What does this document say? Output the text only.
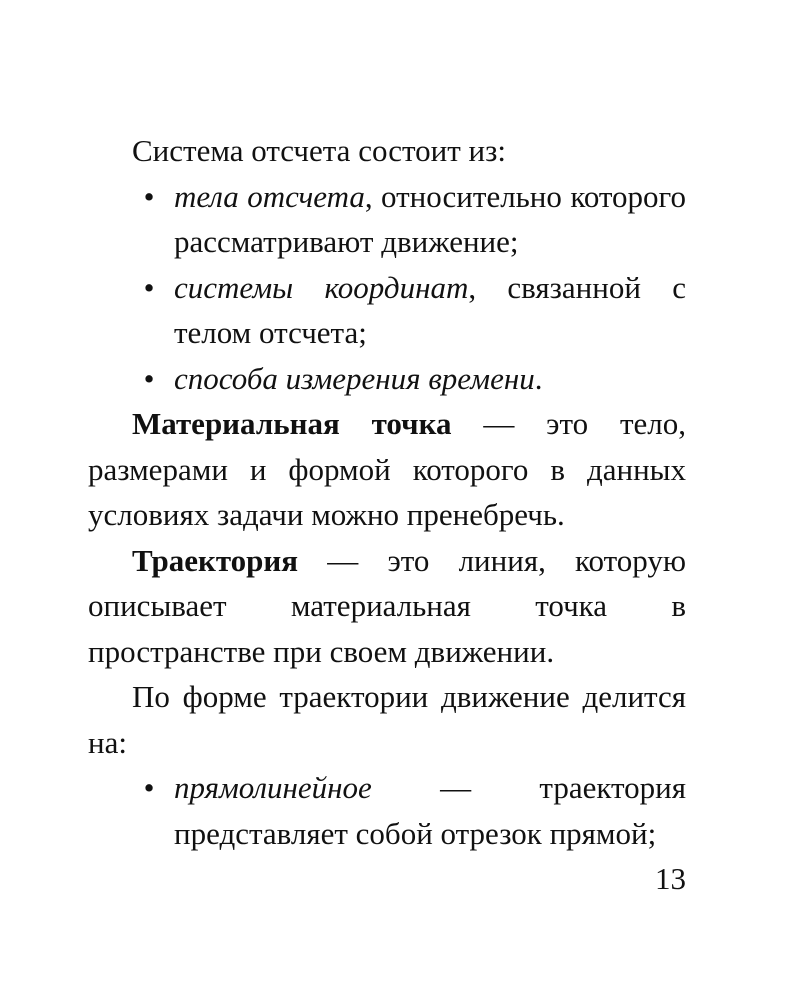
Система отсчета состоит из:

• тела отсчета, относительно которого рассматривают движение;
• системы координат, связанной с телом отсчета;
• способа измерения времени.

Материальная точка — это тело, размерами и формой которого в данных условиях задачи можно пренебречь.

Траектория — это линия, которую описывает материальная точка в пространстве при своем движении.

По форме траектории движение делится на:

• прямолинейное — траектория представляет собой отрезок прямой;
13
